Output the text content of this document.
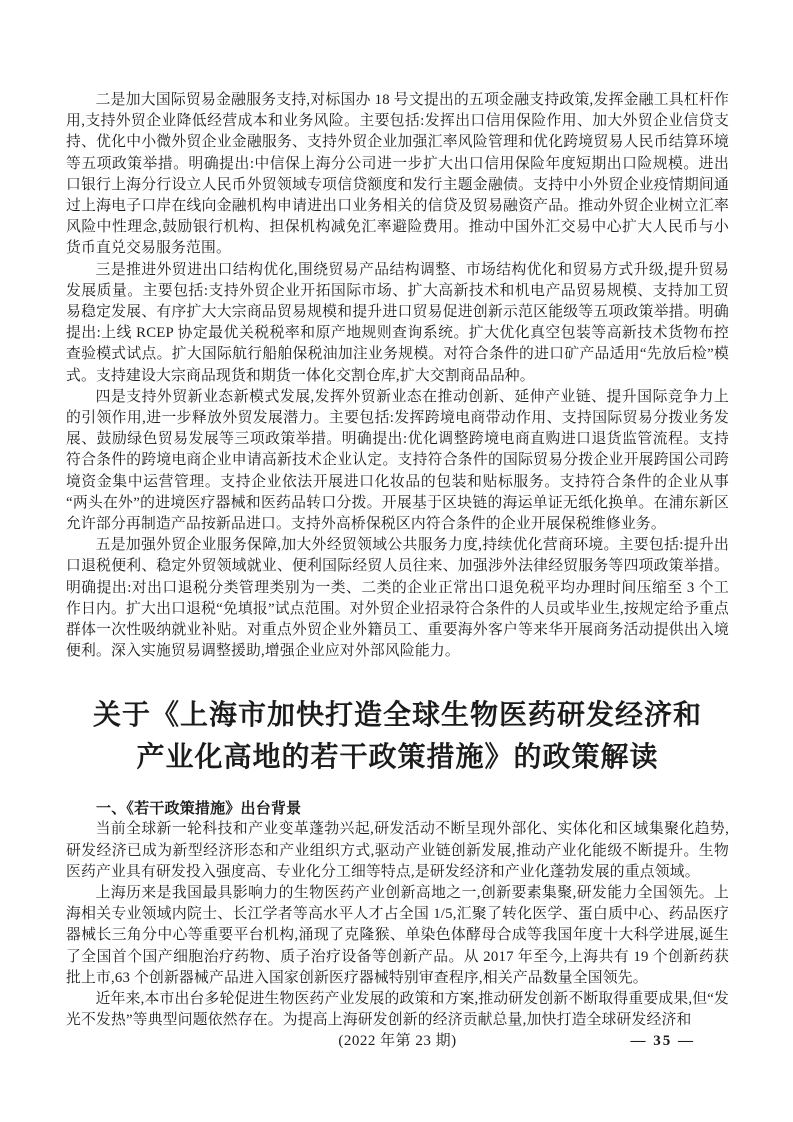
二是加大国际贸易金融服务支持,对标国办 18 号文提出的五项金融支持政策,发挥金融工具杠杆作用,支持外贸企业降低经营成本和业务风险。主要包括:发挥出口信用保险作用、加大外贸企业信贷支持、优化中小微外贸企业金融服务、支持外贸企业加强汇率风险管理和优化跨境贸易人民币结算环境等五项政策举措。明确提出:中信保上海分公司进一步扩大出口信用保险年度短期出口险规模。进出口银行上海分行设立人民币外贸领域专项信贷额度和发行主题金融债。支持中小外贸企业疫情期间通过上海电子口岸在线向金融机构申请进出口业务相关的信贷及贸易融资产品。推动外贸企业树立汇率风险中性理念,鼓励银行机构、担保机构减免汇率避险费用。推动中国外汇交易中心扩大人民币与小货币直兑交易服务范围。

三是推进外贸进出口结构优化,围绕贸易产品结构调整、市场结构优化和贸易方式升级,提升贸易发展质量。主要包括:支持外贸企业开拓国际市场、扩大高新技术和机电产品贸易规模、支持加工贸易稳定发展、有序扩大大宗商品贸易规模和提升进口贸易促进创新示范区能级等五项政策举措。明确提出:上线 RCEP 协定最优关税税率和原产地规则查询系统。扩大优化真空包装等高新技术货物布控查验模式试点。扩大国际航行船舶保税油加注业务规模。对符合条件的进口矿产品适用“先放后检”模式。支持建设大宗商品现货和期货一体化交割仓库,扩大交割商品品种。

四是支持外贸新业态新模式发展,发挥外贸新业态在推动创新、延伸产业链、提升国际竞争力上的引领作用,进一步释放外贸发展潜力。主要包括:发挥跨境电商带动作用、支持国际贸易分拨业务发展、鼓励绿色贸易发展等三项政策举措。明确提出:优化调整跨境电商直购进口退货监管流程。支持符合条件的跨境电商企业申请高新技术企业认定。支持符合条件的国际贸易分拨企业开展跨国公司跨境资金集中运营管理。支持企业依法开展进口化妆品的包装和贴标服务。支持符合条件的企业从事“两头在外”的进境医疗器械和医药品转口分拨。开展基于区块链的海运单证无纸化换单。在浦东新区允许部分再制造产品按新品进口。支持外高桥保税区内符合条件的企业开展保税维修业务。

五是加强外贸企业服务保障,加大外经贸领域公共服务力度,持续优化营商环境。主要包括:提升出口退税便利、稳定外贸领域就业、便利国际经贸人员往来、加强涉外法律经贸服务等四项政策举措。明确提出:对出口退税分类管理类别为一类、二类的企业正常出口退免税平均办理时间压缩至 3 个工作日内。扩大出口退税“免填报”试点范围。对外贸企业招录符合条件的人员或毕业生,按规定给予重点群体一次性吸纳就业补贴。对重点外贸企业外籍员工、重要海外客户等来华开展商务活动提供出入境便利。深入实施贸易调整援助,增强企业应对外部风险能力。

关于《上海市加快打造全球生物医药研发经济和
产业化高地的若干政策措施》的政策解读
一、《若干政策措施》出台背景

当前全球新一轮科技和产业变革蓬勃兴起,研发活动不断呈现外部化、实体化和区域集聚化趋势,研发经济已成为新型经济形态和产业组织方式,驱动产业链创新发展,推动产业化能级不断提升。生物医药产业具有研发投入强度高、专业化分工细等特点,是研发经济和产业化蓬勃发展的重点领域。

上海历来是我国最具影响力的生物医药产业创新高地之一,创新要素集聚,研发能力全国领先。上海相关专业领域内院士、长江学者等高水平人才占全国 1/5,汇聚了转化医学、蛋白质中心、药品医疗器械长三角分中心等重要平台机构,涌现了克隆猴、单染色体酵母合成等我国年度十大科学进展,诞生了全国首个国产细胞治疗药物、质子治疗设备等创新产品。从 2017 年至今,上海共有 19 个创新药获批上市,63 个创新器械产品进入国家创新医疗器械特别审查程序,相关产品数量全国领先。

近年来,本市出台多轮促进生物医药产业发展的政策和方案,推动研发创新不断取得重要成果,但“发光不发热”等典型问题依然存在。为提高上海研发创新的经济贡献总量,加快打造全球研发经济和

(2022 年第 23 期)	— 35 —
